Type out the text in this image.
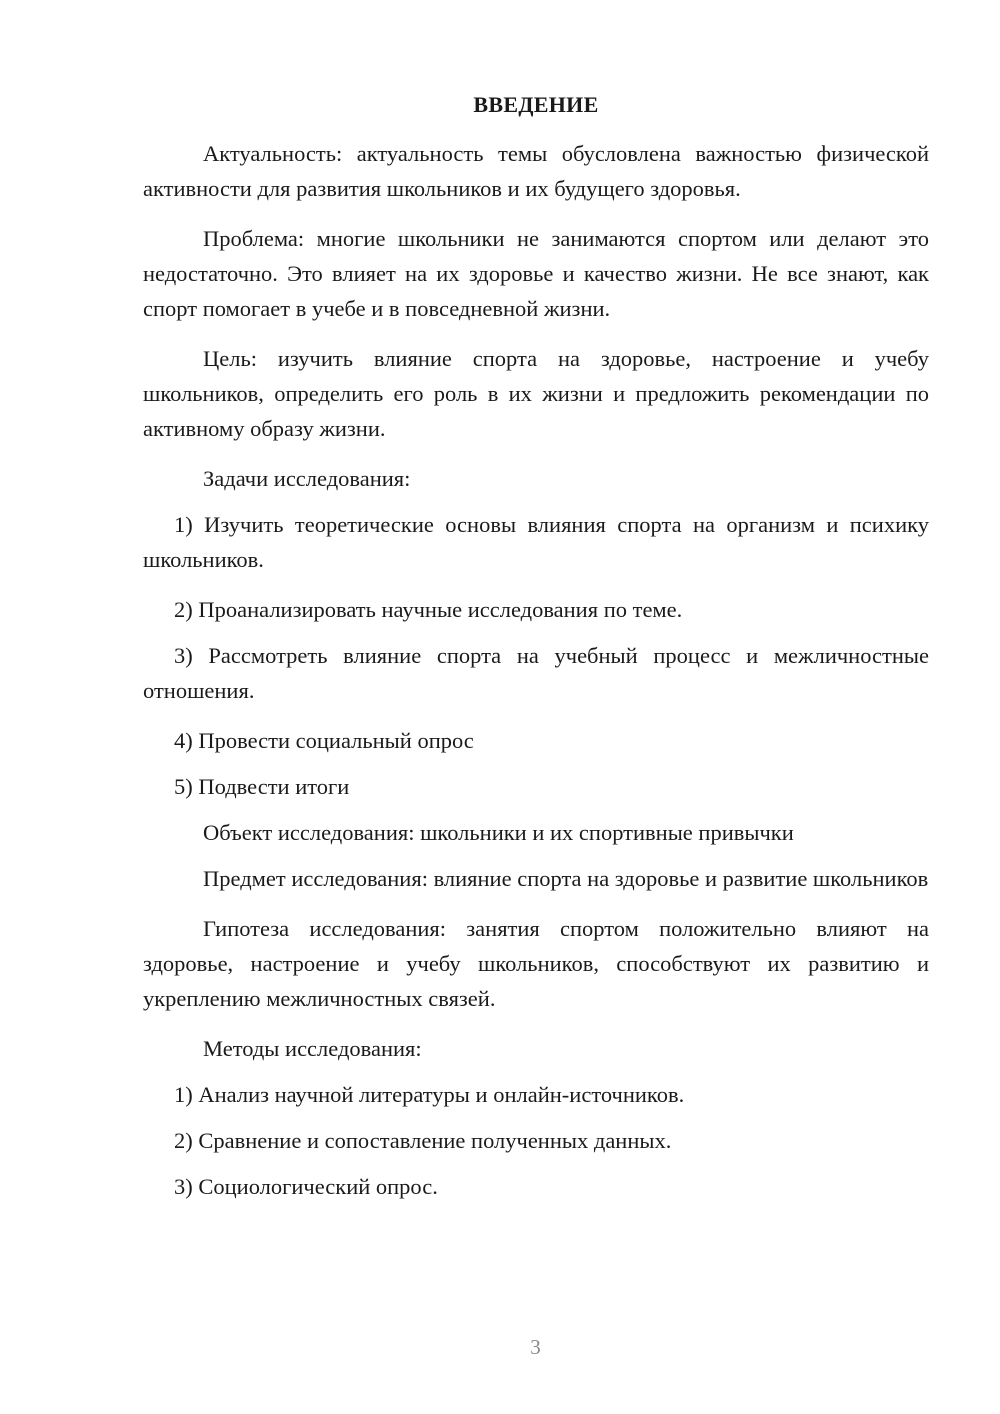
ВВЕДЕНИЕ

Актуальность: актуальность темы обусловлена важностью физической активности для развития школьников и их будущего здоровья.

Проблема: многие школьники не занимаются спортом или делают это недостаточно. Это влияет на их здоровье и качество жизни. Не все знают, как спорт помогает в учебе и в повседневной жизни.

Цель: изучить влияние спорта на здоровье, настроение и учебу школьников, определить его роль в их жизни и предложить рекомендации по активному образу жизни.

Задачи исследования:

1) Изучить теоретические основы влияния спорта на организм и психику школьников.

2) Проанализировать научные исследования по теме.

3) Рассмотреть влияние спорта на учебный процесс и межличностные отношения.

4) Провести социальный опрос

5) Подвести итоги

Объект исследования: школьники и их спортивные привычки

Предмет исследования: влияние спорта на здоровье и развитие школьников

Гипотеза исследования: занятия спортом положительно влияют на здоровье, настроение и учебу школьников, способствуют их развитию и укреплению межличностных связей.

Методы исследования:

1) Анализ научной литературы и онлайн-источников.

2) Сравнение и сопоставление полученных данных.

3) Социологический опрос.

3
